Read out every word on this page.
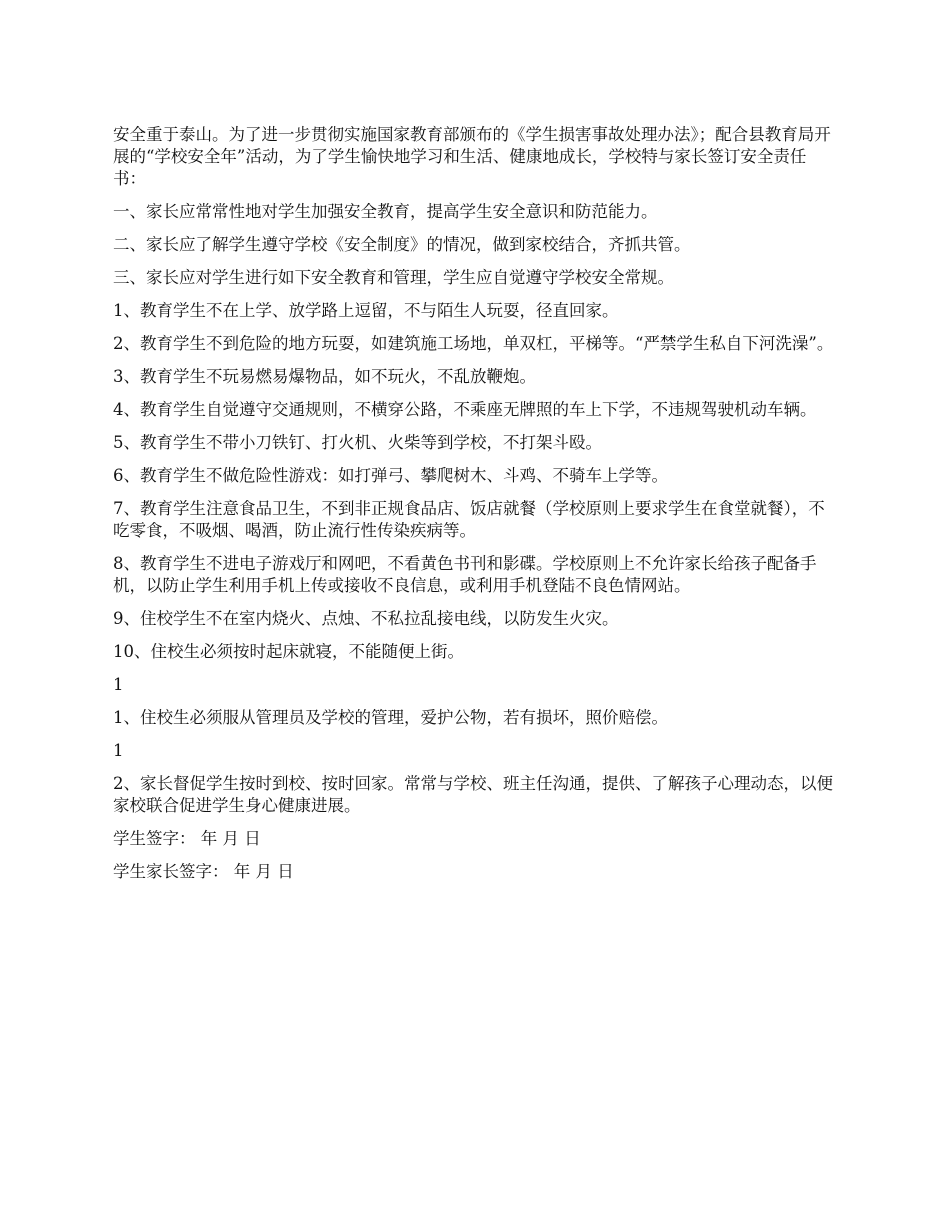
安全重于泰山。为了进一步贯彻实施国家教育部颁布的《学生损害事故处理办法》；配合县教育局开展的“学校安全年”活动，为了学生愉快地学习和生活、健康地成长，学校特与家长签订安全责任书：

一、家长应常常性地对学生加强安全教育，提高学生安全意识和防范能力。

二、家长应了解学生遵守学校《安全制度》的情况，做到家校结合，齐抓共管。

三、家长应对学生进行如下安全教育和管理，学生应自觉遵守学校安全常规。

1、教育学生不在上学、放学路上逗留，不与陌生人玩耍，径直回家。

2、教育学生不到危险的地方玩耍，如建筑施工场地，单双杠，平梯等。“严禁学生私自下河洗澡”。

3、教育学生不玩易燃易爆物品，如不玩火，不乱放鞭炮。

4、教育学生自觉遵守交通规则，不横穿公路，不乘座无牌照的车上下学，不违规驾驶机动车辆。

5、教育学生不带小刀铁钉、打火机、火柴等到学校，不打架斗殴。

6、教育学生不做危险性游戏：如打弹弓、攀爬树木、斗鸡、不骑车上学等。

7、教育学生注意食品卫生，不到非正规食品店、饭店就餐（学校原则上要求学生在食堂就餐），不吃零食，不吸烟、喝酒，防止流行性传染疾病等。

8、教育学生不进电子游戏厅和网吧，不看黄色书刊和影碟。学校原则上不允许家长给孩子配备手机，以防止学生利用手机上传或接收不良信息，或利用手机登陆不良色情网站。

9、住校学生不在室内烧火、点烛、不私拉乱接电线，以防发生火灾。

10、住校生必须按时起床就寝，不能随便上街。

1

1、住校生必须服从管理员及学校的管理，爱护公物，若有损坏，照价赔偿。

1

2、家长督促学生按时到校、按时回家。常常与学校、班主任沟通，提供、了解孩子心理动态，以便家校联合促进学生身心健康进展。

学生签字： 年 月 日

学生家长签字： 年 月 日
